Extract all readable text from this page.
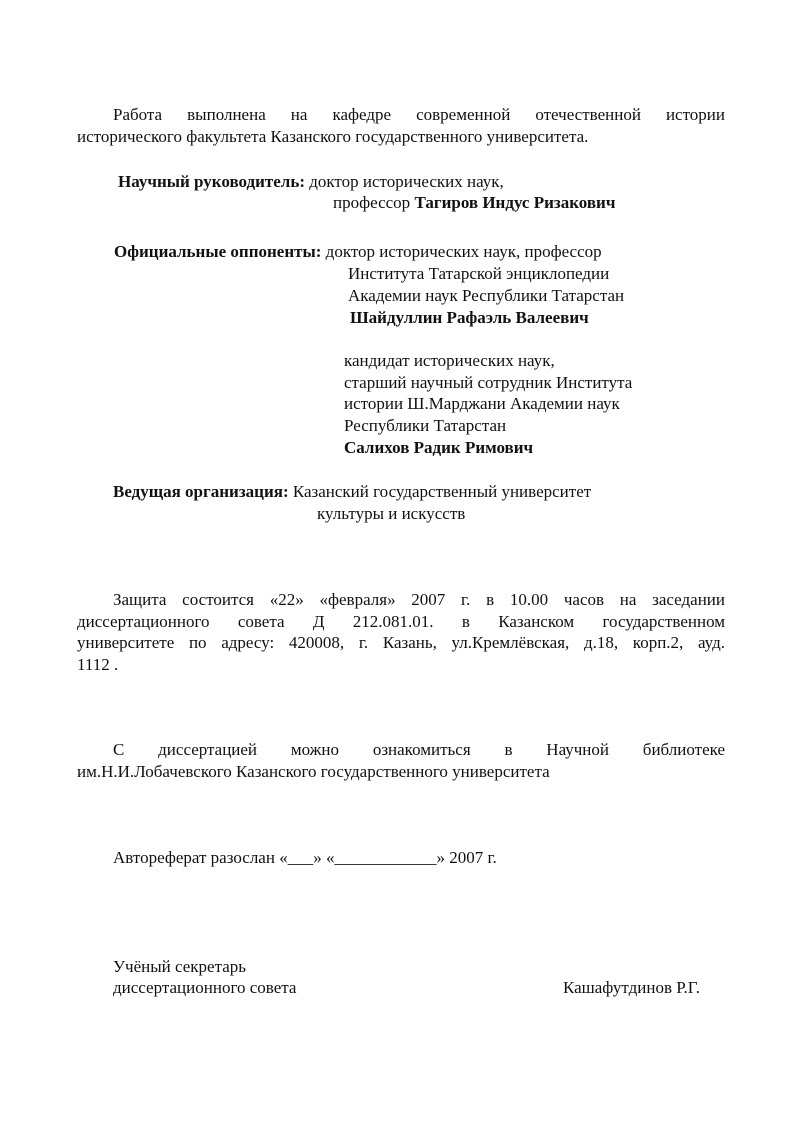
Работа выполнена на кафедре современной отечественной истории
исторического факультета Казанского государственного университета.
Научный руководитель: доктор исторических наук,
профессор Тагиров Индус Ризакович
Официальные оппоненты: доктор исторических наук, профессор
Института Татарской энциклопедии
Академии наук Республики Татарстан
Шайдуллин Рафаэль Валеевич
кандидат исторических наук,
старший научный сотрудник Института
истории Ш.Марджани Академии наук
Республики Татарстан
Салихов Радик Римович
Ведущая организация: Казанский государственный университет
культуры и искусств
Защита состоится «22» «февраля» 2007 г. в 10.00 часов на заседании
диссертационного совета Д 212.081.01. в Казанском государственном
университете по адресу: 420008, г. Казань, ул.Кремлёвская, д.18, корп.2, ауд.
1112 .
С диссертацией можно ознакомиться в Научной библиотеке
им.Н.И.Лобачевского Казанского государственного университета
Автореферат разослан «___» «____________» 2007 г.
Учёный секретарь
диссертационного совета	Кашафутдинов Р.Г.
